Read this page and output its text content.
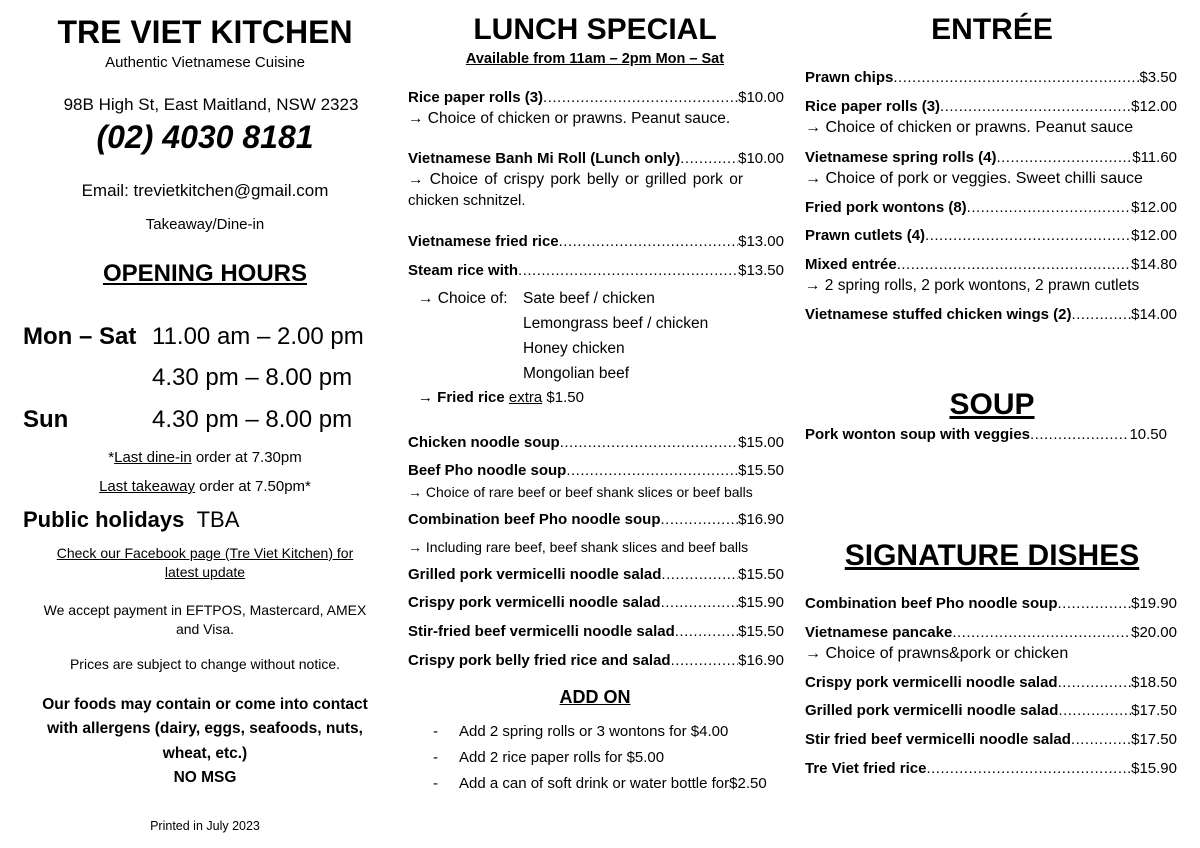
TRE VIET KITCHEN
Authentic Vietnamese Cuisine
98B High St, East Maitland, NSW 2323
(02) 4030 8181
Email: trevietkitchen@gmail.com
Takeaway/Dine-in
OPENING HOURS
Mon – Sat 11.00 am – 2.00 pm
4.30 pm – 8.00 pm
Sun	4.30 pm – 8.00 pm
*Last dine-in order at 7.30pm
Last takeaway order at 7.50pm*
Public holidays TBA
Check our Facebook page (Tre Viet Kitchen) for
latest update
We accept payment in EFTPOS, Mastercard, AMEX
and Visa.
Prices are subject to change without notice.
Our foods may contain or come into contact
with allergens (dairy, eggs, seafoods, nuts,
wheat, etc.)
NO MSG
Printed in July 2023
LUNCH SPECIAL
Available from 11am – 2pm Mon – Sat
Rice paper rolls (3) .....	$10.00
→ Choice of chicken or prawns. Peanut sauce.
Vietnamese Banh Mi Roll (Lunch only) .....	$10.00
→ Choice of crispy pork belly or grilled pork or
chicken schnitzel.
Vietnamese fried rice .....	$13.00
Steam rice with .....	$13.50
→ Choice of: Sate beef / chicken
Lemongrass beef / chicken
Honey chicken
Mongolian beef
→ Fried rice extra $1.50
Chicken noodle soup .....	$15.00
Beef Pho noodle soup .....	$15.50
→ Choice of rare beef or beef shank slices or beef balls
Combination beef Pho noodle soup .....	$16.90
→ Including rare beef, beef shank slices and beef balls
Grilled pork vermicelli noodle salad .....	$15.50
Crispy pork vermicelli noodle salad .....	$15.90
Stir-fried beef vermicelli noodle salad .....	$15.50
Crispy pork belly fried rice and salad .....	$16.90
ADD ON
- Add 2 spring rolls or 3 wontons for $4.00
- Add 2 rice paper rolls for $5.00
- Add a can of soft drink or water bottle for$2.50
ENTRÉE
Prawn chips .....	$3.50
Rice paper rolls (3) .....	$12.00
→ Choice of chicken or prawns. Peanut sauce
Vietnamese spring rolls (4) .....	$11.60
→ Choice of pork or veggies. Sweet chilli sauce
Fried pork wontons (8) .....	$12.00
Prawn cutlets (4) .....	$12.00
Mixed entrée .....	$14.80
→ 2 spring rolls, 2 pork wontons, 2 prawn cutlets
Vietnamese stuffed chicken wings (2) .....	$14.00
SOUP
Pork wonton soup with veggies .....	10.50
SIGNATURE DISHES
Combination beef Pho noodle soup .....	$19.90
Vietnamese pancake .....	$20.00
→ Choice of prawns&pork or chicken
Crispy pork vermicelli noodle salad .....	$18.50
Grilled pork vermicelli noodle salad .....	$17.50
Stir fried beef vermicelli noodle salad .....	$17.50
Tre Viet fried rice .....	$15.90
